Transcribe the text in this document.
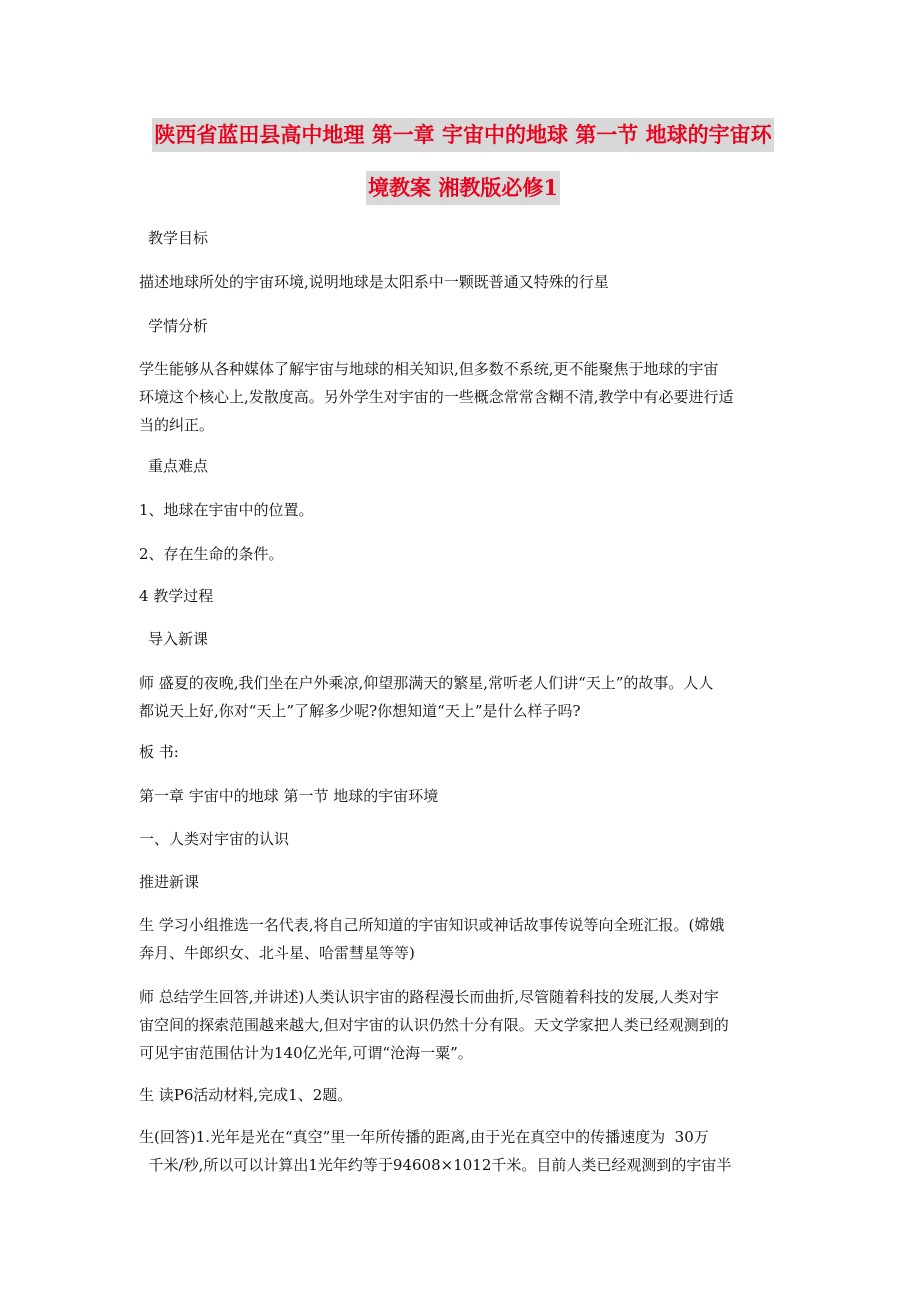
陕西省蓝田县高中地理 第一章 宇宙中的地球 第一节 地球的宇宙环
境教案 湘教版必修1
教学目标
描述地球所处的宇宙环境,说明地球是太阳系中一颗既普通又特殊的行星
学情分析
学生能够从各种媒体了解宇宙与地球的相关知识,但多数不系统,更不能聚焦于地球的宇宙
环境这个核心上,发散度高。另外学生对宇宙的一些概念常常含糊不清,教学中有必要进行适
当的纠正。
重点难点
1、地球在宇宙中的位置。
2、存在生命的条件。
4 教学过程
导入新课
师 盛夏的夜晚,我们坐在户外乘凉,仰望那满天的繁星,常听老人们讲“天上”的故事。人人
都说天上好,你对“天上”了解多少呢?你想知道“天上”是什么样子吗?
板 书:
第一章 宇宙中的地球 第一节 地球的宇宙环境
一、人类对宇宙的认识
推进新课
生 学习小组推选一名代表,将自己所知道的宇宙知识或神话故事传说等向全班汇报。(嫦娥
奔月、牛郎织女、北斗星、哈雷彗星等等)
师 总结学生回答,并讲述)人类认识宇宙的路程漫长而曲折,尽管随着科技的发展,人类对宇
宙空间的探索范围越来越大,但对宇宙的认识仍然十分有限。天文学家把人类已经观测到的
可见宇宙范围估计为140亿光年,可谓“沧海一粟”。
生 读P6活动材料,完成1、2题。
生(回答)1.光年是光在“真空”里一年所传播的距离,由于光在真空中的传播速度为  30万
千米/秒,所以可以计算出1光年约等于94608×1012千米。目前人类已经观测到的宇宙半
